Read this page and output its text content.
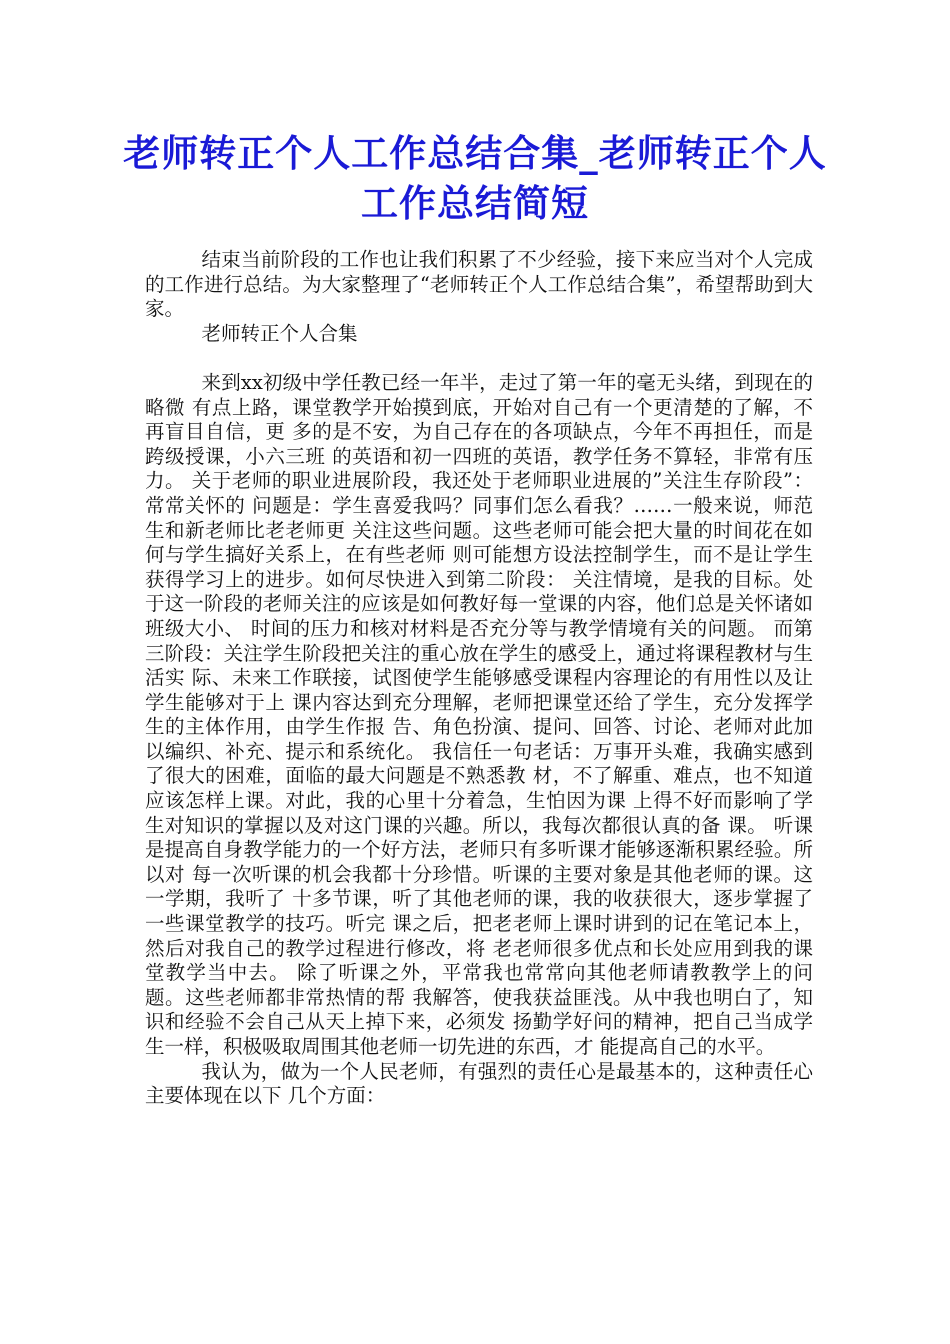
老师转正个人工作总结合集_老师转正个人工作总结简短

结束当前阶段的工作也让我们积累了不少经验，接下来应当对个人完成的工作进行总结。为大家整理了“老师转正个人工作总结合集”，希望帮助到大家。

老师转正个人合集

来到xx初级中学任教已经一年半，走过了第一年的毫无头绪，到现在的略微 有点上路，课堂教学开始摸到底，开始对自己有一个更清楚的了解，不再盲目自信，更 多的是不安，为自己存在的各项缺点，今年不再担任，而是跨级授课，小六三班 的英语和初一四班的英语，教学任务不算轻，非常有压力。 关于老师的职业进展阶段，我还处于老师职业进展的”关注生存阶段”：常常关怀的 问题是：学生喜爱我吗？同事们怎么看我？……一般来说，师范生和新老师比老老师更 关注这些问题。这些老师可能会把大量的时间花在如何与学生搞好关系上，在有些老师 则可能想方设法控制学生，而不是让学生获得学习上的进步。如何尽快进入到第二阶段： 关注情境，是我的目标。处于这一阶段的老师关注的应该是如何教好每一堂课的内容，他们总是关怀诸如班级大小、 时间的压力和核对材料是否充分等与教学情境有关的问题。 而第三阶段：关注学生阶段把关注的重心放在学生的感受上，通过将课程教材与生活实 际、未来工作联接，试图使学生能够感受课程内容理论的有用性以及让学生能够对于上 课内容达到充分理解，老师把课堂还给了学生，充分发挥学生的主体作用，由学生作报 告、角色扮演、提问、回答、讨论、老师对此加以编织、补充、提示和系统化。 我信任一句老话：万事开头难，我确实感到了很大的困难，面临的最大问题是不熟悉教 材，不了解重、难点，也不知道应该怎样上课。对此，我的心里十分着急，生怕因为课 上得不好而影响了学生对知识的掌握以及对这门课的兴趣。所以，我每次都很认真的备 课。 听课是提高自身教学能力的一个好方法，老师只有多听课才能够逐渐积累经验。所以对 每一次听课的机会我都十分珍惜。听课的主要对象是其他老师的课。这一学期，我听了 十多节课，听了其他老师的课，我的收获很大，逐步掌握了一些课堂教学的技巧。听完 课之后，把老老师上课时讲到的记在笔记本上，然后对我自己的教学过程进行修改，将 老老师很多优点和长处应用到我的课堂教学当中去。 除了听课之外，平常我也常常向其他老师请教教学上的问题。这些老师都非常热情的帮 我解答，使我获益匪浅。从中我也明白了，知识和经验不会自己从天上掉下来，必须发 扬勤学好问的精神，把自己当成学生一样，积极吸取周围其他老师一切先进的东西，才 能提高自己的水平。

我认为，做为一个人民老师，有强烈的责任心是最基本的，这种责任心主要体现在以下 几个方面：
